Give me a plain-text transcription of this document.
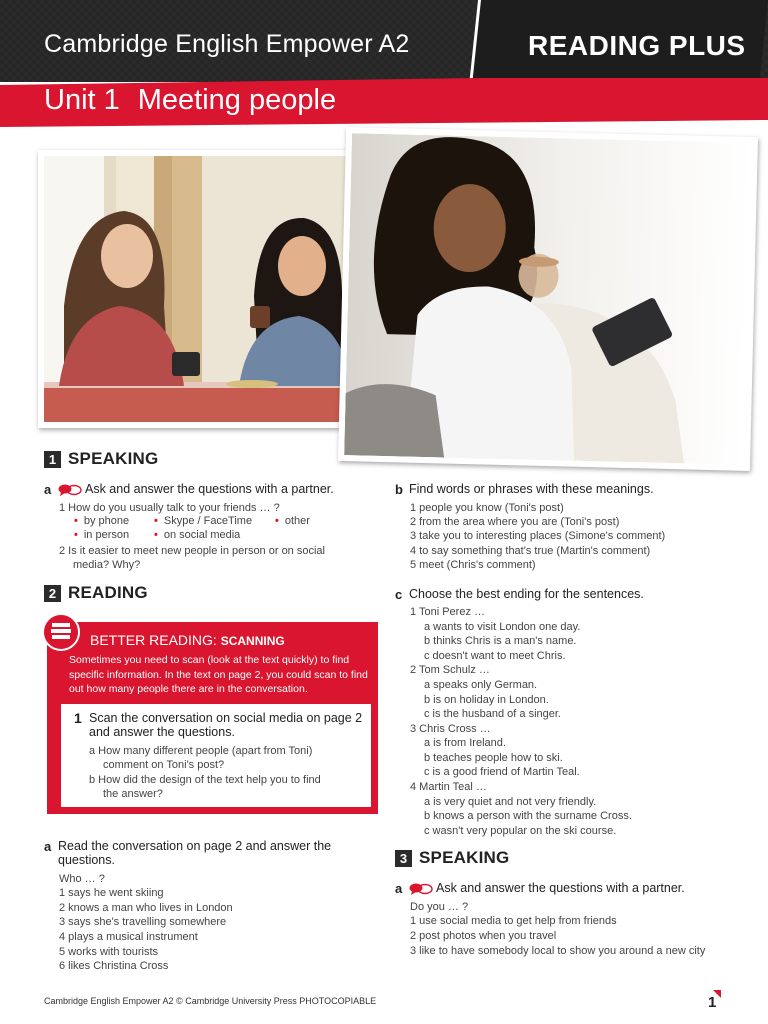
Cambridge English Empower A2	READING PLUS
Unit 1 Meeting people
1 SPEAKING
a	Ask and answer the questions with a partner.
1 How do you usually talk to your friends … ?
• by phone	• Skype / FaceTime	• other
• in person	• on social media
2 Is it easier to meet new people in person or on social
media? Why?
2 READING
BETTER READING: SCANNING
Sometimes you need to scan (look at the text quickly) to find specific information. In the text on page 2, you could scan to find out how many people there are in the conversation.
1 Scan the conversation on social media on page 2
and answer the questions.
a How many different people (apart from Toni)
comment on Toni's post?
b How did the design of the text help you to find
the answer?
a Read the conversation on page 2 and answer the
questions.
Who … ?
1 says he went skiing
2 knows a man who lives in London
3 says she's travelling somewhere
4 plays a musical instrument
5 works with tourists
6 likes Christina Cross
b Find words or phrases with these meanings.
1 people you know (Toni's post)
2 from the area where you are (Toni's post)
3 take you to interesting places (Simone's comment)
4 to say something that's true (Martin's comment)
5 meet (Chris's comment)
c Choose the best ending for the sentences.
1 Toni Perez …
a wants to visit London one day.
b thinks Chris is a man's name.
c doesn't want to meet Chris.
2 Tom Schulz …
a speaks only German.
b is on holiday in London.
c is the husband of a singer.
3 Chris Cross …
a is from Ireland.
b teaches people how to ski.
c is a good friend of Martin Teal.
4 Martin Teal …
a is very quiet and not very friendly.
b knows a person with the surname Cross.
c wasn't very popular on the ski course.
3 SPEAKING
a	Ask and answer the questions with a partner.
Do you … ?
1 use social media to get help from friends
2 post photos when you travel
3 like to have somebody local to show you around a new city
Cambridge English Empower A2 © Cambridge University Press PHOTOCOPIABLE	1
